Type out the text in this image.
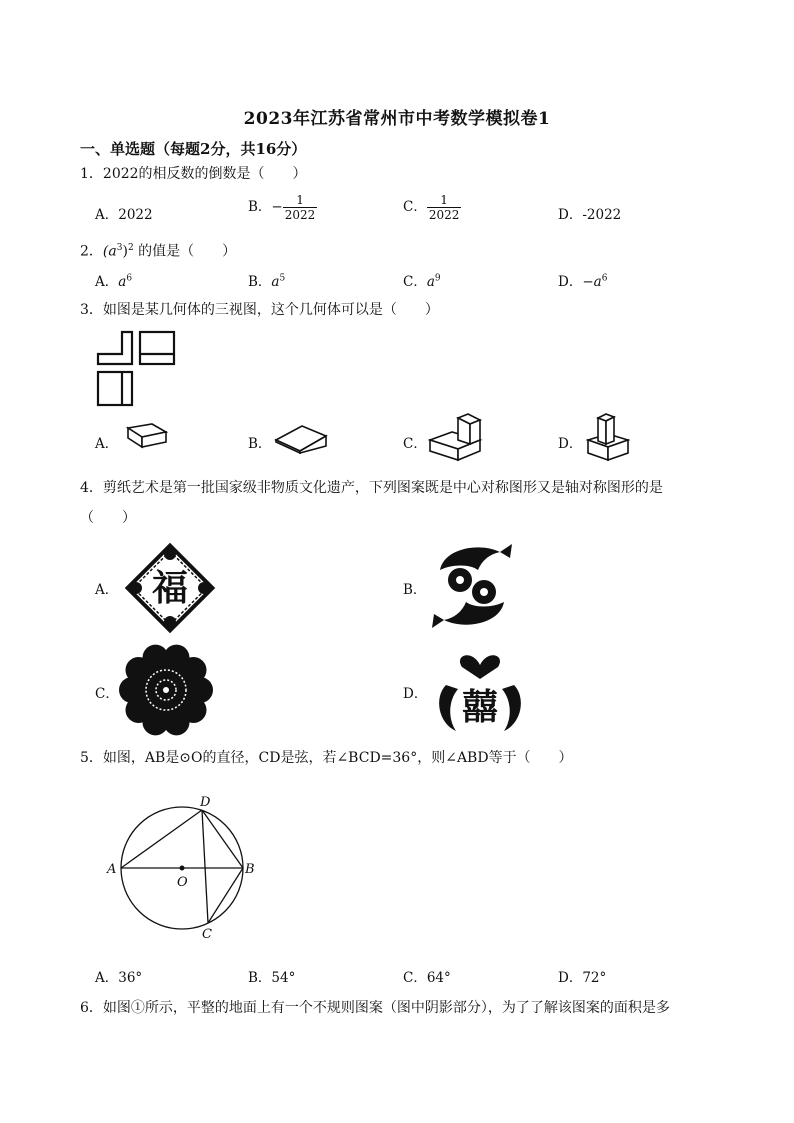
2023年江苏省常州市中考数学模拟卷1
一、单选题（每题2分，共16分）
1．2022的相反数的倒数是（　　）
A．2022	B．− $\frac{1}{2022}$	C． $\frac{1}{2022}$	D．-2022
2．$(a^3)^2$ 的值是（　　）
A．$a^6$	B．$a^5$	C．$a^9$	D．$-a^6$
3．如图是某几何体的三视图，这个几何体可以是（　　）
A．	B．	C．	D．
4．剪纸艺术是第一批国家级非物质文化遗产，下列图案既是中心对称图形又是轴对称图形的是
（　　）
A． 福	B．
C．	D． 囍
5．如图，AB是⊙O的直径，CD是弦，若∠BCD=36°，则∠ABD等于（　　）
A	B
D
C
O
A．36°	B．54°	C．64°	D．72°
6．如图①所示，平整的地面上有一个不规则图案（图中阴影部分），为了了解该图案的面积是多
